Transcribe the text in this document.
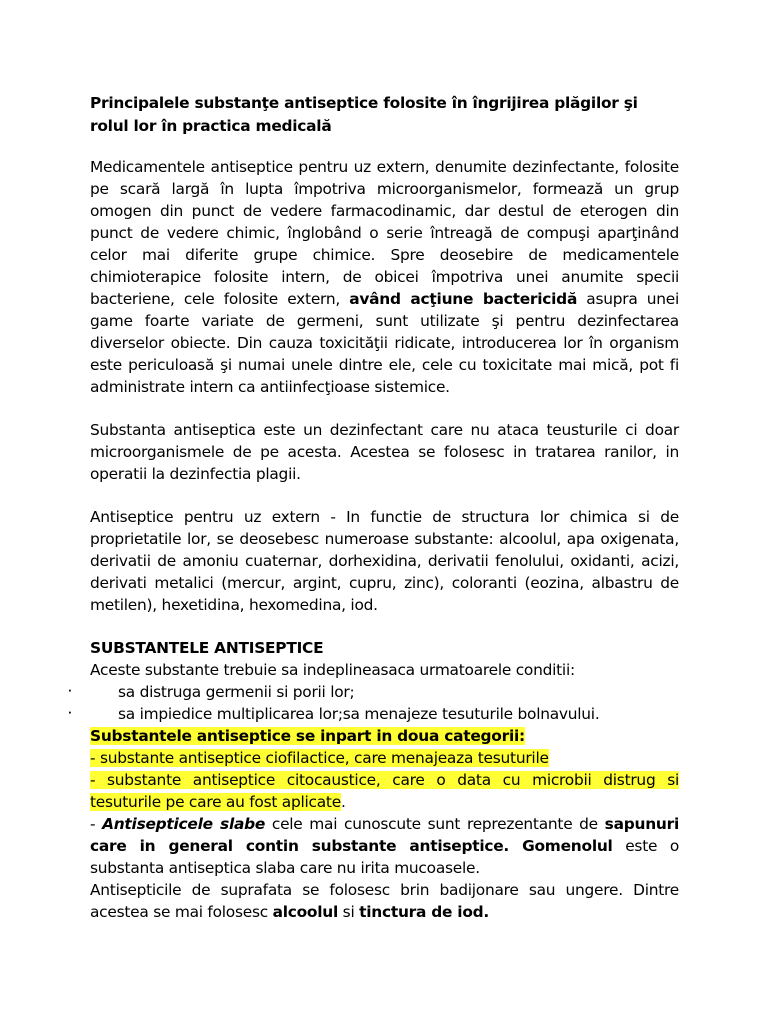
Principalele substanţe antiseptice folosite în îngrijirea plăgilor şi rolul lor în practica medicală

Medicamentele antiseptice pentru uz extern, denumite dezinfectante, folosite pe scară largă în lupta împotriva microorganismelor, formează un grup omogen din punct de vedere farmacodinamic, dar destul de eterogen din punct de vedere chimic, înglobând o serie întreagă de compuşi aparţinând celor mai diferite grupe chimice. Spre deosebire de medicamentele chimioterapice folosite intern, de obicei împotriva unei anumite specii bacteriene, cele folosite extern, având acţiune bactericidă asupra unei game foarte variate de germeni, sunt utilizate şi pentru dezinfectarea diverselor obiecte. Din cauza toxicităţii ridicate, introducerea lor în organism este periculoasă şi numai unele dintre ele, cele cu toxicitate mai mică, pot fi administrate intern ca antiinfecţioase sistemice.

Substanta antiseptica este un dezinfectant care nu ataca teusturile ci doar microorganismele de pe acesta. Acestea se folosesc in tratarea ranilor, in operatii la dezinfectia plagii.

Antiseptice pentru uz extern - In functie de structura lor chimica si de proprietatile lor, se deosebesc numeroase substante: alcoolul, apa oxigenata, derivatii de amoniu cuaternar, dorhexidina, derivatii fenolului, oxidanti, acizi, derivati metalici (mercur, argint, cupru, zinc), coloranti (eozina, albastru de metilen), hexetidina, hexomedina, iod.

SUBSTANTELE ANTISEPTICE

Aceste substante trebuie sa indeplineasaca urmatoarele conditii:

·	sa distruga germenii si porii lor;
·	sa impiedice multiplicarea lor;sa menajeze tesuturile bolnavului.

Substantele antiseptice se inpart in doua categorii:

- substante antiseptice ciofilactice, care menajeaza tesuturile

- substante antiseptice citocaustice, care o data cu microbii distrug si tesuturile pe care au fost aplicate.

- Antisepticele slabe cele mai cunoscute sunt reprezentante de sapunuri care in general contin substante antiseptice. Gomenolul este o substanta antiseptica slaba care nu irita mucoasele.

Antisepticile de suprafata se folosesc brin badijonare sau ungere. Dintre acestea se mai folosesc alcoolul si tinctura de iod.
